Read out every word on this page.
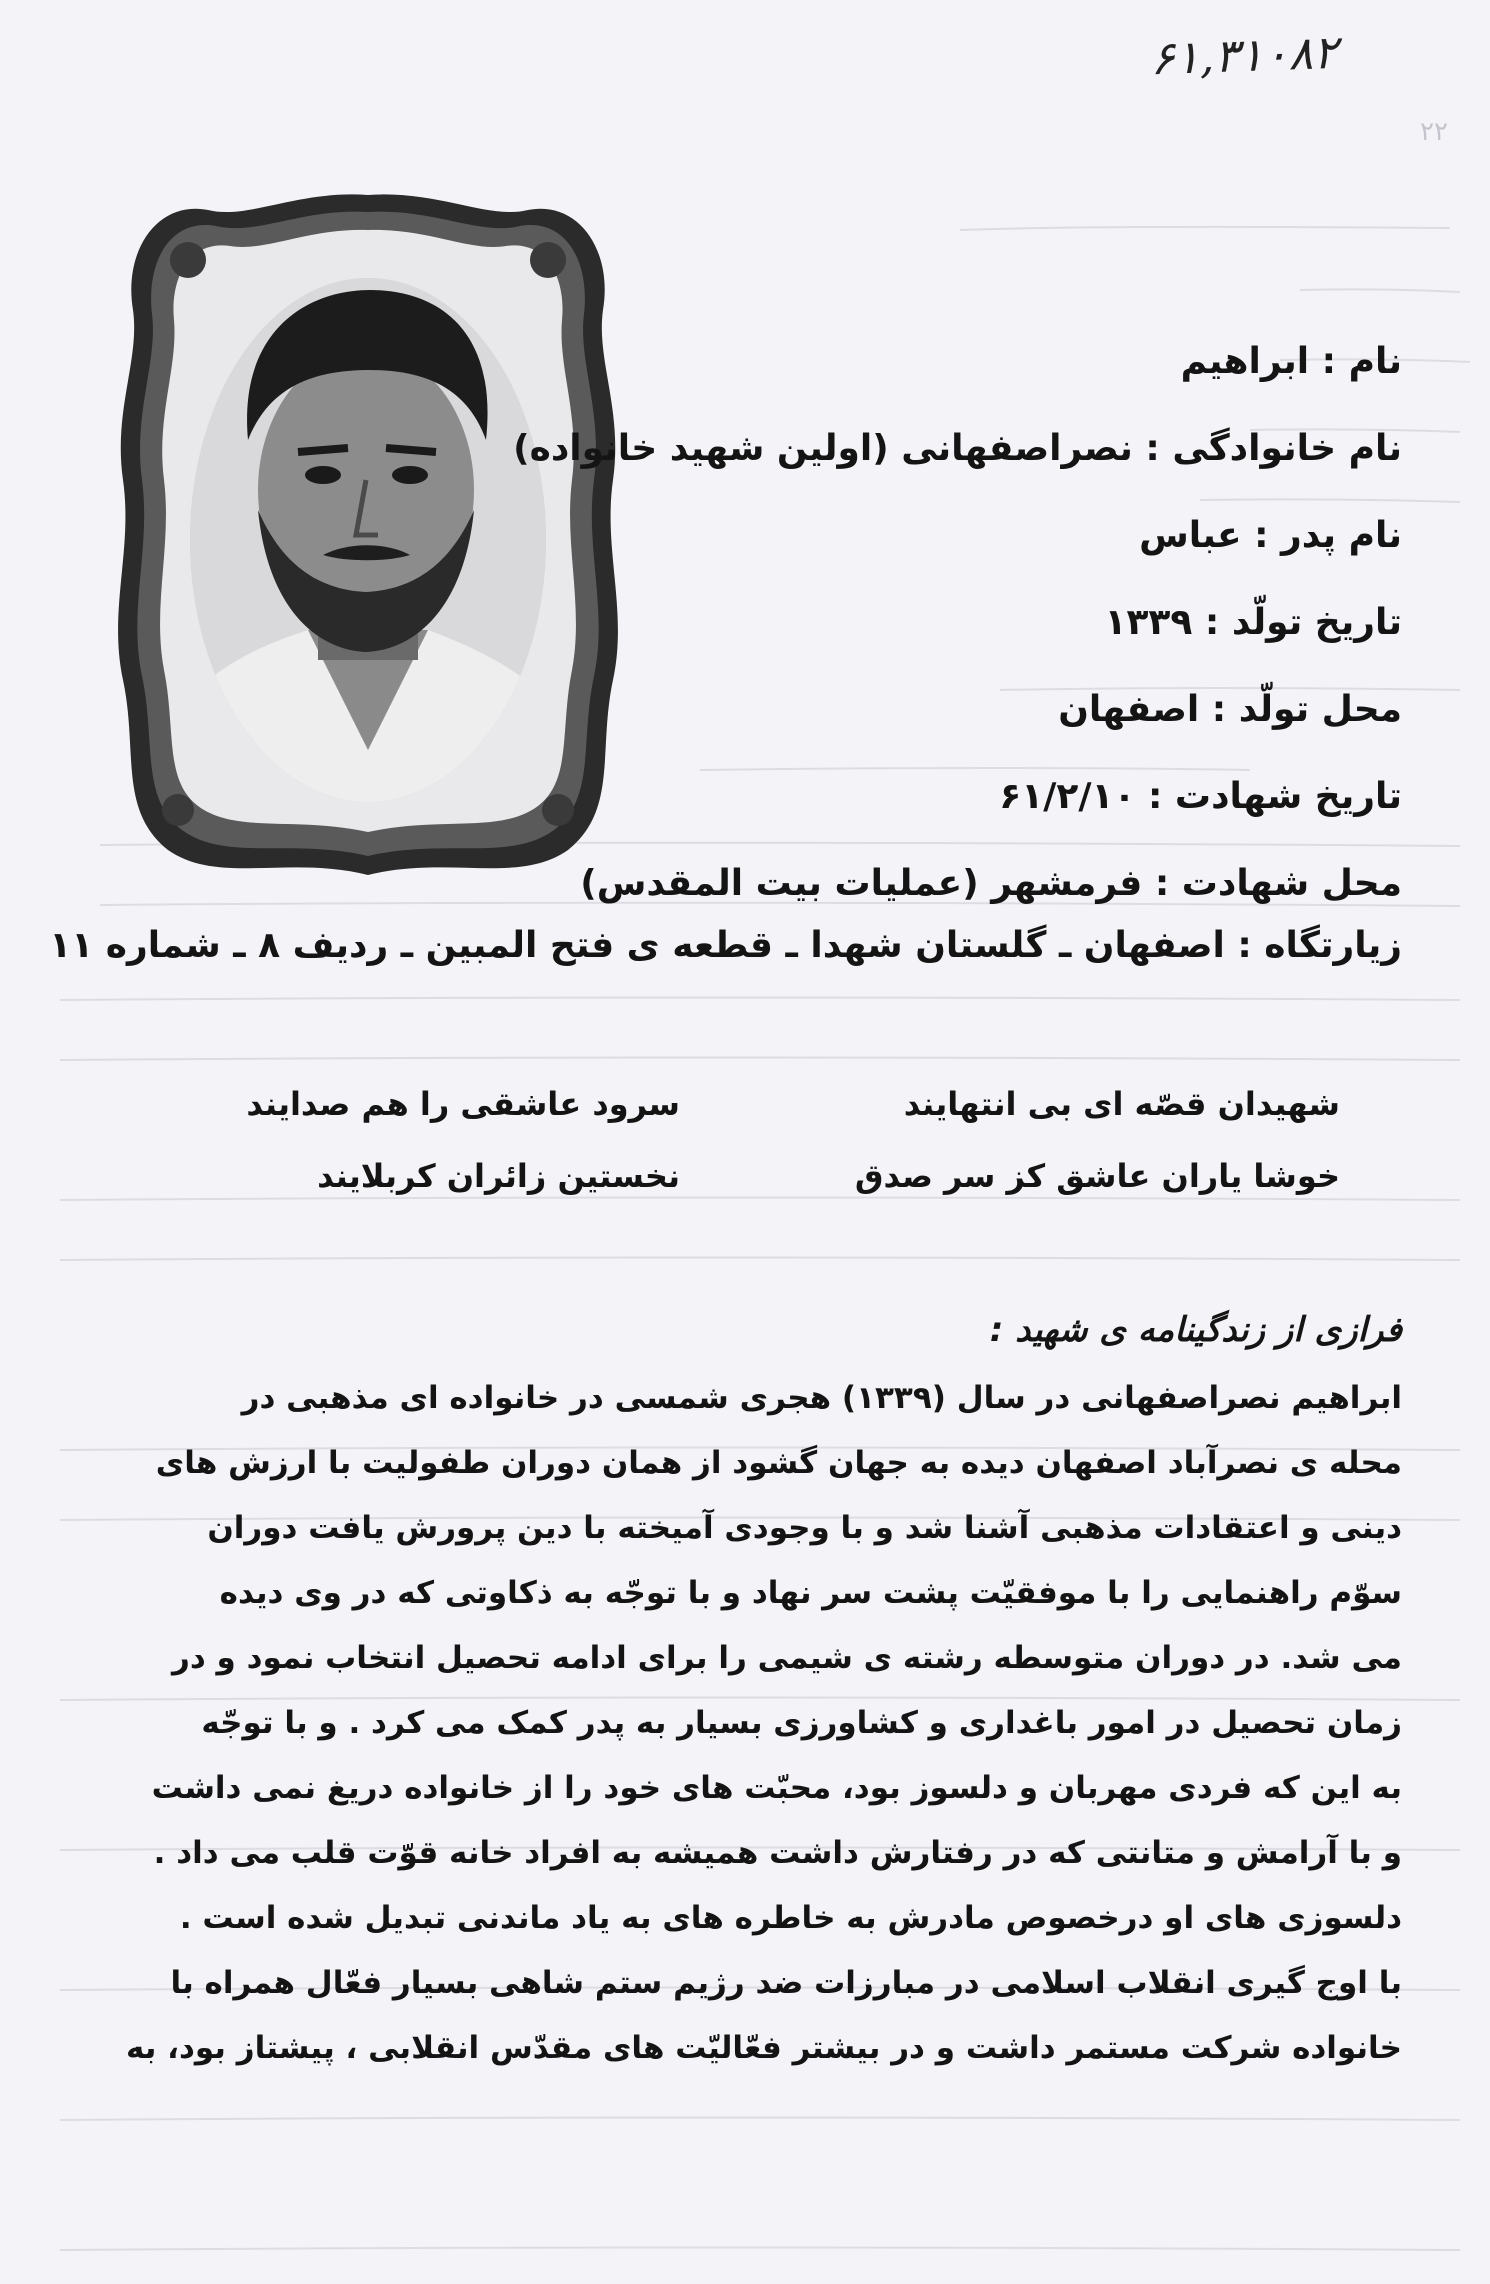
۲۲
۶۱,۳۱۰۸۲
نام : ابراهیم
نام خانوادگی : نصراصفهانی (اولین شهید خانواده)
نام پدر : عباس
تاریخ تولّد : ۱۳۳۹
محل تولّد : اصفهان
تاریخ شهادت : ۶۱/۲/۱۰
محل شهادت : فرمشهر (عملیات بیت المقدس)
زیارتگاه : اصفهان ـ گلستان شهدا ـ قطعه ی فتح المبین ـ ردیف ۸ ـ شماره ۱۱
شهیدان قصّه ای بی انتهایند
سرود عاشقی را هم صدایند
خوشا یاران عاشق کز سر صدق
نخستین زائران کربلایند
فرازی از زندگینامه ی شهید :
ابراهیم نصراصفهانی در سال (۱۳۳۹) هجری شمسی در خانواده ای مذهبی در
محله ی نصرآباد اصفهان دیده به جهان گشود از همان دوران طفولیت با ارزش های
دینی و اعتقادات مذهبی آشنا شد و با وجودی آمیخته با دین پرورش یافت دوران
سوّم راهنمایی را با موفقیّت پشت سر نهاد و با توجّه به ذکاوتی که در وی دیده
می شد. در دوران متوسطه رشته ی شیمی را برای ادامه تحصیل انتخاب نمود و در
زمان تحصیل در امور باغداری و کشاورزی بسیار به پدر کمک می کرد . و با توجّه
به این که فردی مهربان و دلسوز بود، محبّت های خود را از خانواده دریغ نمی داشت
و با آرامش و متانتی که در رفتارش داشت همیشه به افراد خانه قوّت قلب می داد .
دلسوزی های او درخصوص مادرش به خاطره های به یاد ماندنی تبدیل شده است .
با اوج گیری انقلاب اسلامی در مبارزات ضد رژیم ستم شاهی بسیار فعّال همراه با
خانواده شرکت مستمر داشت و در بیشتر فعّالیّت های مقدّس انقلابی ، پیشتاز بود، به
